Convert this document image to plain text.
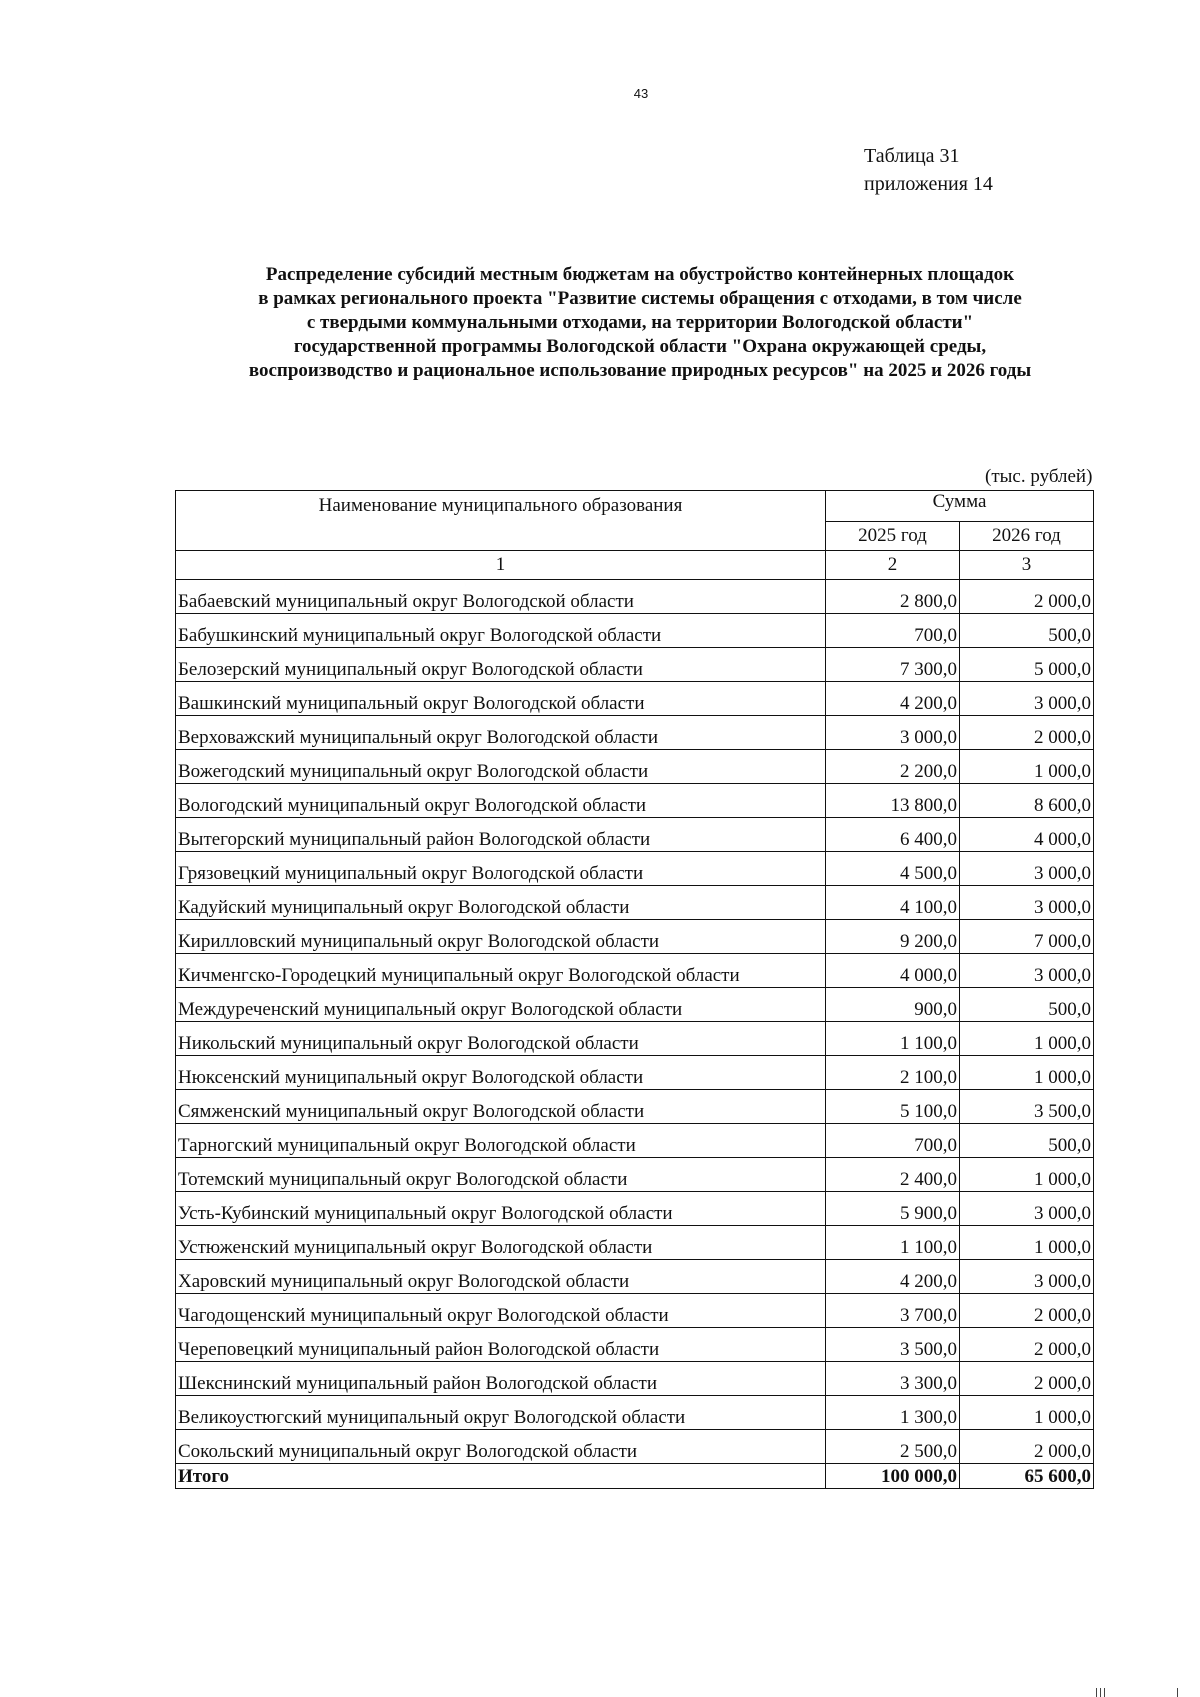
43
Таблица 31
приложения 14
Распределение субсидий местным бюджетам на обустройство контейнерных площадок
в рамках регионального проекта "Развитие системы обращения с отходами, в том числе
с твердыми коммунальными отходами, на территории Вологодской области"
государственной программы Вологодской области "Охрана окружающей среды,
воспроизводство и рациональное использование природных ресурсов" на 2025 и 2026 годы
(тыс. рублей)
Наименование муниципального образования	Сумма	
	2025 год	2026 год
1	2	3
Бабаевский муниципальный округ Вологодской области	2 800,0	2 000,0
Бабушкинский муниципальный округ Вологодской области	700,0	500,0
Белозерский муниципальный округ Вологодской области	7 300,0	5 000,0
Вашкинский муниципальный округ Вологодской области	4 200,0	3 000,0
Верховажский муниципальный округ Вологодской области	3 000,0	2 000,0
Вожегодский муниципальный округ Вологодской области	2 200,0	1 000,0
Вологодский муниципальный округ Вологодской области	13 800,0	8 600,0
Вытегорский муниципальный район Вологодской области	6 400,0	4 000,0
Грязовецкий муниципальный округ Вологодской области	4 500,0	3 000,0
Кадуйский муниципальный округ Вологодской области	4 100,0	3 000,0
Кирилловский муниципальный округ Вологодской области	9 200,0	7 000,0
Кичменгско-Городецкий муниципальный округ Вологодской области	4 000,0	3 000,0
Междуреченский муниципальный округ Вологодской области	900,0	500,0
Никольский муниципальный округ Вологодской области	1 100,0	1 000,0
Нюксенский муниципальный округ Вологодской области	2 100,0	1 000,0
Сямженский муниципальный округ Вологодской области	5 100,0	3 500,0
Тарногский муниципальный округ Вологодской области	700,0	500,0
Тотемский муниципальный округ Вологодской области	2 400,0	1 000,0
Усть-Кубинский муниципальный округ Вологодской области	5 900,0	3 000,0
Устюженский муниципальный округ Вологодской области	1 100,0	1 000,0
Харовский муниципальный округ Вологодской области	4 200,0	3 000,0
Чагодощенский муниципальный округ Вологодской области	3 700,0	2 000,0
Череповецкий муниципальный район Вологодской области	3 500,0	2 000,0
Шекснинский муниципальный район Вологодской области	3 300,0	2 000,0
Великоустюгский муниципальный округ Вологодской области	1 300,0	1 000,0
Сокольский муниципальный округ Вологодской области	2 500,0	2 000,0
Итого	100 000,0	65 600,0
